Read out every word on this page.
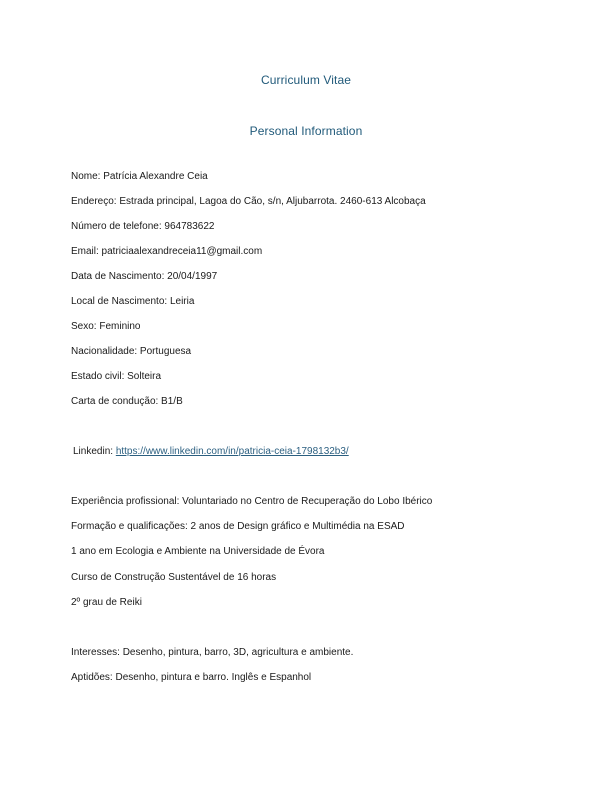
Curriculum Vitae
Personal Information
Nome: Patrícia Alexandre Ceia
Endereço: Estrada principal, Lagoa do Cão, s/n, Aljubarrota. 2460-613 Alcobaça
Número de telefone: 964783622
Email: patriciaalexandreceia11@gmail.com
Data de Nascimento: 20/04/1997
Local de Nascimento: Leiria
Sexo: Feminino
Nacionalidade: Portuguesa
Estado civil: Solteira
Carta de condução: B1/B
Linkedin: https://www.linkedin.com/in/patricia-ceia-1798132b3/
Experiência profissional: Voluntariado no Centro de Recuperação do Lobo Ibérico
Formação e qualificações: 2 anos de Design gráfico e Multimédia na ESAD
1 ano em Ecologia e Ambiente na Universidade de Évora
Curso de Construção Sustentável de 16 horas
2º grau de Reiki
Interesses: Desenho, pintura, barro, 3D, agricultura e ambiente.
Aptidões: Desenho, pintura e barro. Inglês e Espanhol
